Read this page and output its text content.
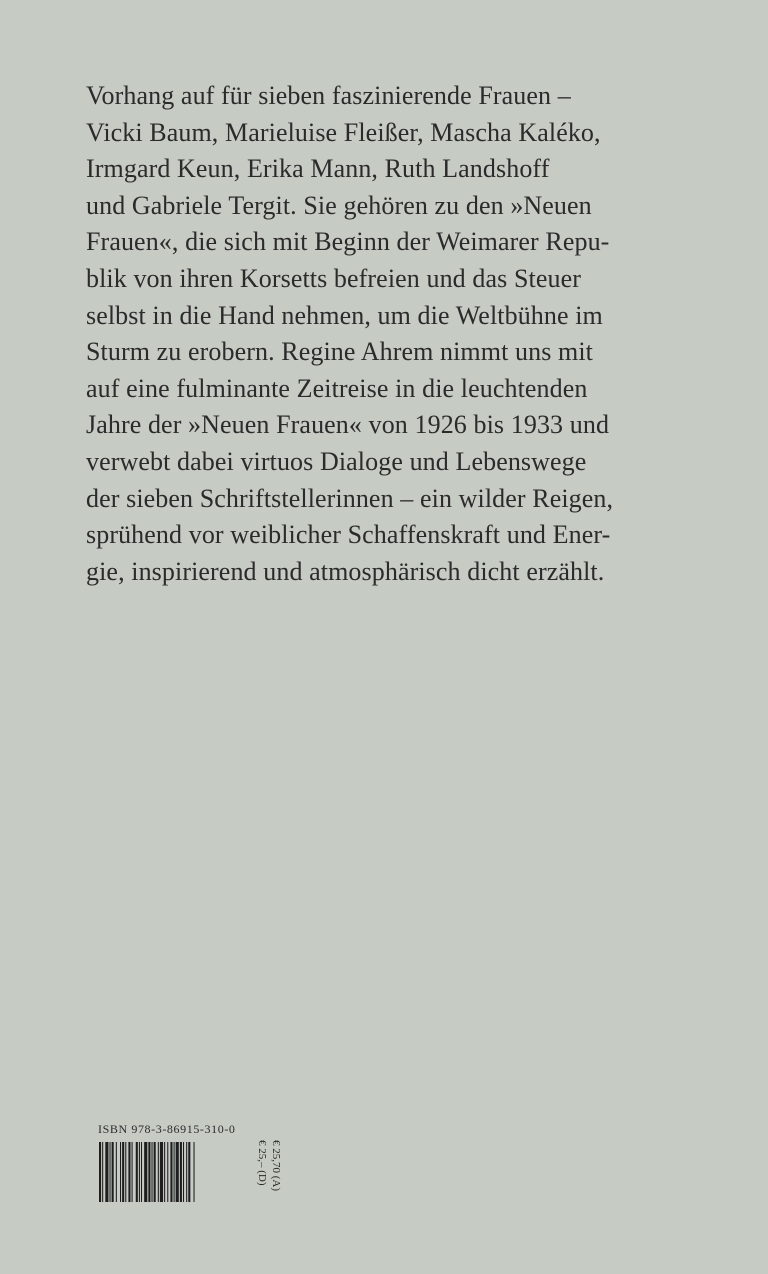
Vorhang auf für sieben faszinierende Frauen –
Vicki Baum, Marieluise Fleißer, Mascha Kaléko,
Irmgard Keun, Erika Mann, Ruth Landshoff
und Gabriele Tergit. Sie gehören zu den »Neuen
Frauen«, die sich mit Beginn der Weimarer Repu-
blik von ihren Korsetts befreien und das Steuer
selbst in die Hand nehmen, um die Weltbühne im
Sturm zu erobern. Regine Ahrem nimmt uns mit
auf eine fulminante Zeitreise in die leuchtenden
Jahre der »Neuen Frauen« von 1926 bis 1933 und
verwebt dabei virtuos Dialoge und Lebenswege
der sieben Schriftstellerinnen – ein wilder Reigen,
sprühend vor weiblicher Schaffenskraft und Ener-
gie, inspirierend und atmosphärisch dicht erzählt.
ISBN 978-3-86915-310-0
€ 25,– (D) € 25,70 (A)
